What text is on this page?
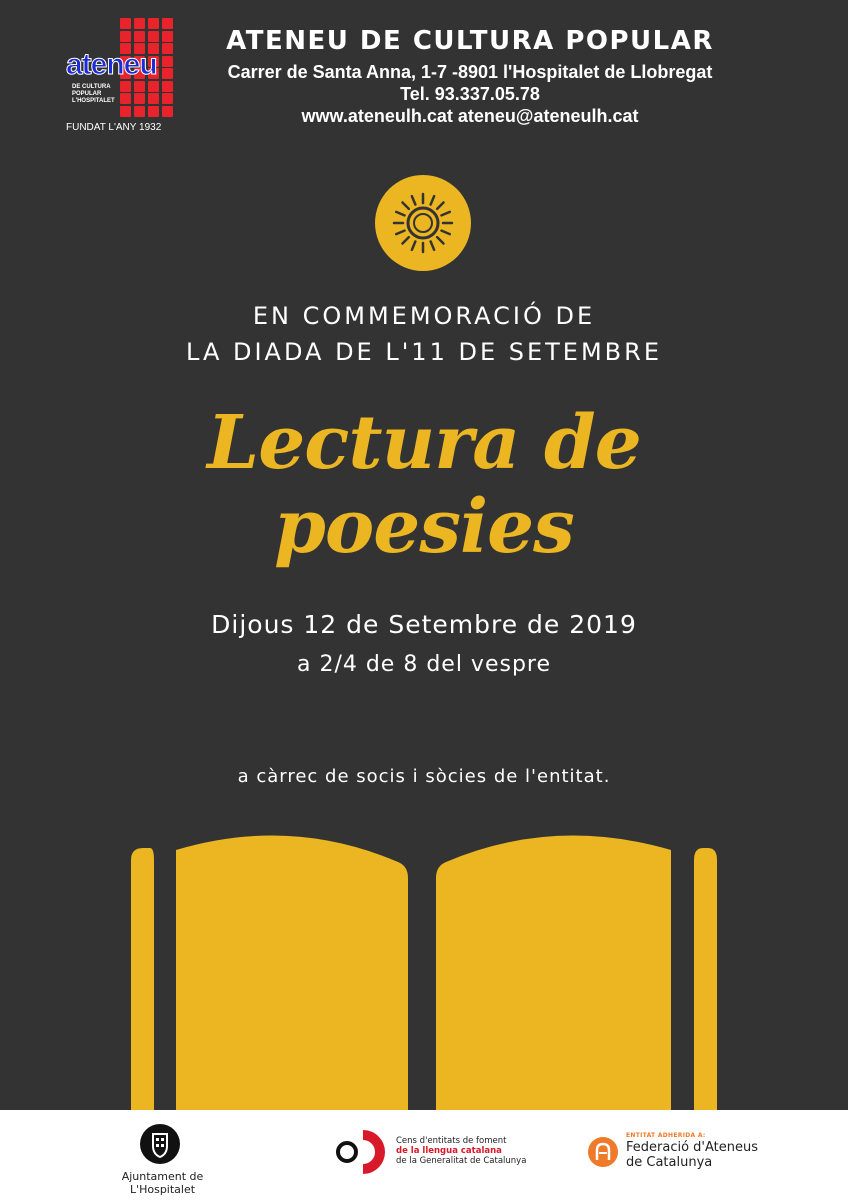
ateneu
DE CULTURA
POPULAR
L'HOSPITALET
FUNDAT L'ANY 1932
ATENEU DE CULTURA POPULAR
Carrer de Santa Anna, 1-7 -8901 l'Hospitalet de Llobregat
Tel. 93.337.05.78
www.ateneulh.cat ateneu@ateneulh.cat
EN COMMEMORACIÓ DE
LA DIADA DE L'11 DE SETEMBRE
Lectura de
poesies
Dijous 12 de Setembre de 2019
a 2/4 de 8 del vespre
a càrrec de socis i sòcies de l'entitat.
Ajuntament de L'Hospitalet
Cens d'entitats de foment
de la llengua catalana
de la Generalitat de Catalunya
ENTITAT ADHERIDA A:
Federació d'Ateneus
de Catalunya
